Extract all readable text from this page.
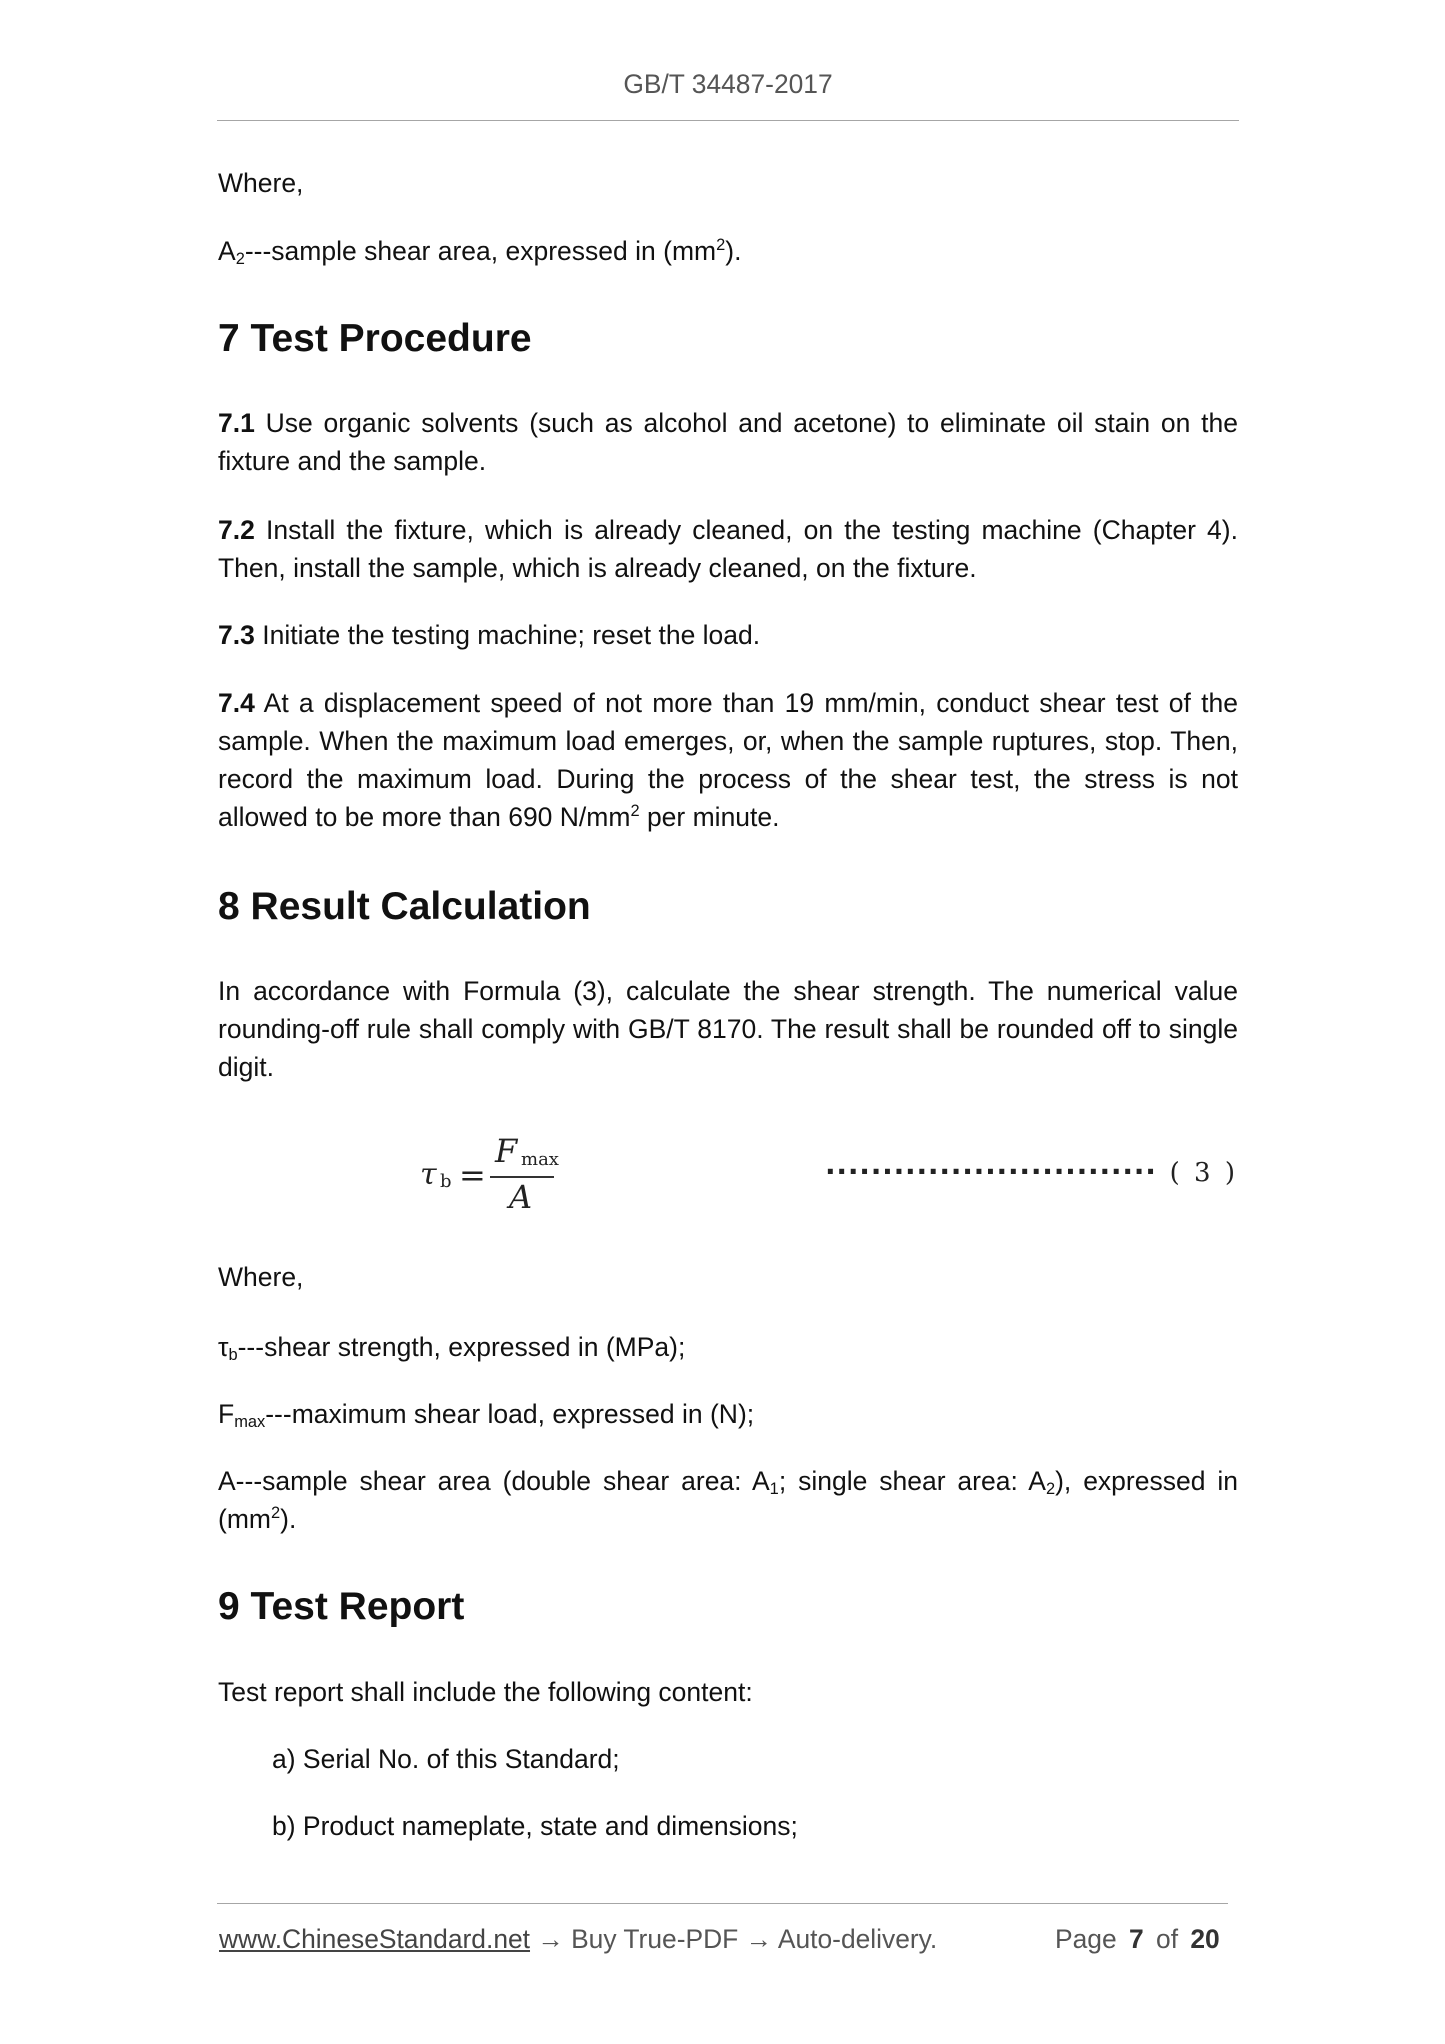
GB/T 34487-2017

Where,

$A_2--$-sample shear area, expressed in $(mm^2)$.

7 Test Procedure

7.1 Use organic solvents (such as alcohol and acetone) to eliminate oil stain on the fixture and the sample.

7.2 Install the fixture, which is already cleaned, on the testing machine (Chapter 4). Then, install the sample, which is already cleaned, on the fixture.

7.3 Initiate the testing machine; reset the load.

7.4 At a displacement speed of not more than 19 mm/min, conduct shear test of the sample. When the maximum load emerges, or, when the sample ruptures, stop. Then, record the maximum load. During the process of the shear test, the stress is not allowed to be more than 690 $N/mm^2$ per minute.

8 Result Calculation

In accordance with Formula (3), calculate the shear strength. The numerical value rounding-off rule shall comply with GB/T 8170. The result shall be rounded off to single digit.

τ b =
F max
A
····························· ( 3 )

Where,

$\tau_b--$-shear strength, expressed in (MPa);

$F_{max}--$-maximum shear load, expressed in (N);

A---sample shear area (double shear area: $A_1$; single shear area: $A_2$), expressed in $(mm^2)$.

9 Test Report

Test report shall include the following content:

a) Serial No. of this Standard;

b) Product nameplate, state and dimensions;

www.ChineseStandard.net → Buy True-PDF → Auto-delivery.	Page 7 of 20
